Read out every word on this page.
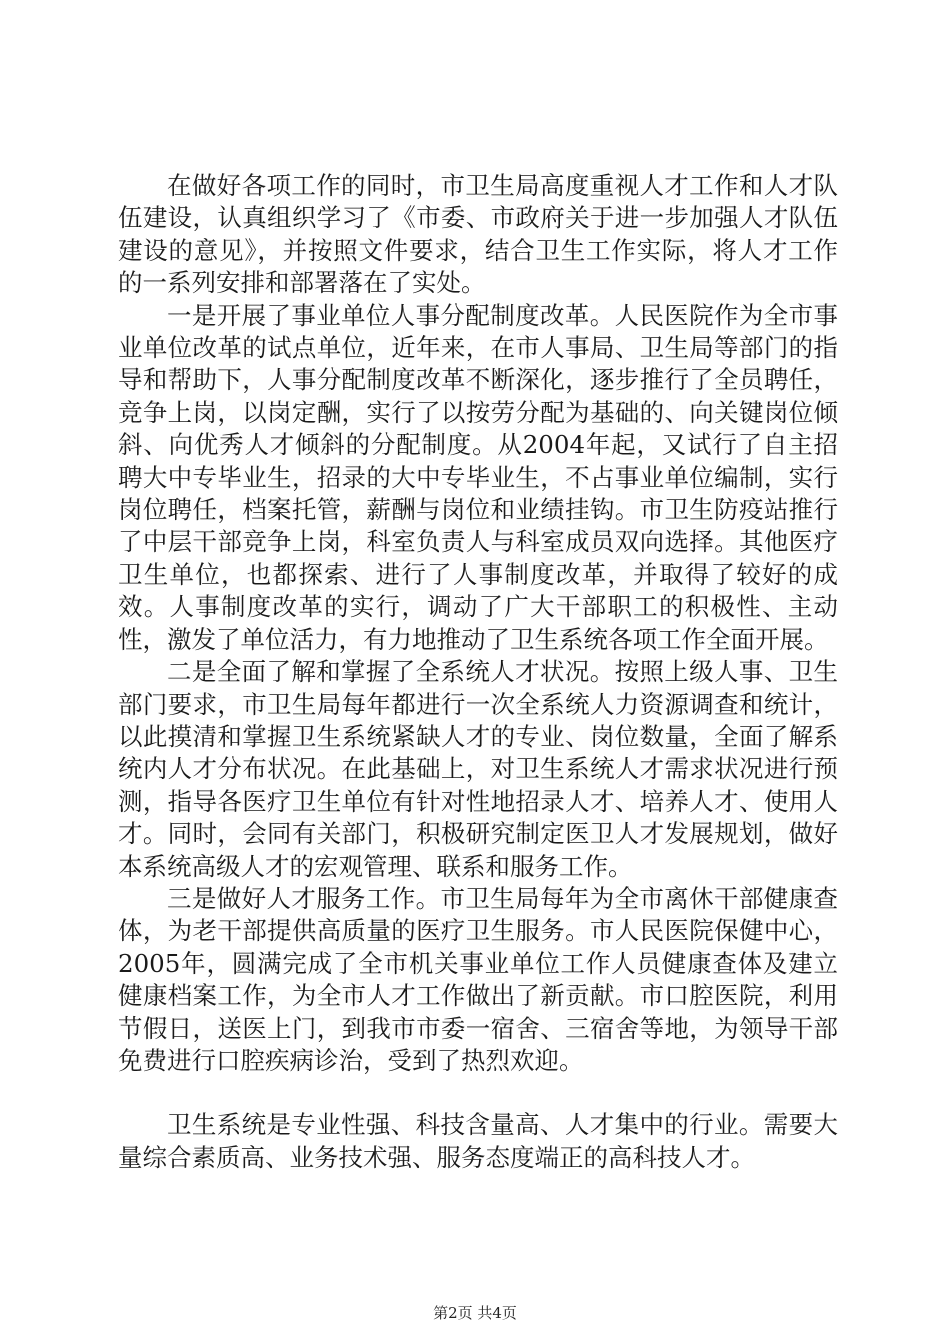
在做好各项工作的同时，市卫生局高度重视人才工作和人才队伍建设，认真组织学习了《市委、市政府关于进一步加强人才队伍建设的意见》，并按照文件要求，结合卫生工作实际，将人才工作的一系列安排和部署落在了实处。

一是开展了事业单位人事分配制度改革。人民医院作为全市事业单位改革的试点单位，近年来，在市人事局、卫生局等部门的指导和帮助下，人事分配制度改革不断深化，逐步推行了全员聘任，竞争上岗，以岗定酬，实行了以按劳分配为基础的、向关键岗位倾斜、向优秀人才倾斜的分配制度。从2004年起，又试行了自主招聘大中专毕业生，招录的大中专毕业生，不占事业单位编制，实行岗位聘任，档案托管，薪酬与岗位和业绩挂钩。市卫生防疫站推行了中层干部竞争上岗，科室负责人与科室成员双向选择。其他医疗卫生单位，也都探索、进行了人事制度改革，并取得了较好的成效。人事制度改革的实行，调动了广大干部职工的积极性、主动性，激发了单位活力，有力地推动了卫生系统各项工作全面开展。

二是全面了解和掌握了全系统人才状况。按照上级人事、卫生部门要求，市卫生局每年都进行一次全系统人力资源调查和统计，以此摸清和掌握卫生系统紧缺人才的专业、岗位数量，全面了解系统内人才分布状况。在此基础上，对卫生系统人才需求状况进行预测，指导各医疗卫生单位有针对性地招录人才、培养人才、使用人才。同时，会同有关部门，积极研究制定医卫人才发展规划，做好本系统高级人才的宏观管理、联系和服务工作。

三是做好人才服务工作。市卫生局每年为全市离休干部健康查体，为老干部提供高质量的医疗卫生服务。市人民医院保健中心，2005年，圆满完成了全市机关事业单位工作人员健康查体及建立健康档案工作，为全市人才工作做出了新贡献。市口腔医院，利用节假日，送医上门，到我市市委一宿舍、三宿舍等地，为领导干部免费进行口腔疾病诊治，受到了热烈欢迎。

卫生系统是专业性强、科技含量高、人才集中的行业。需要大量综合素质高、业务技术强、服务态度端正的高科技人才。

第2页 共4页
